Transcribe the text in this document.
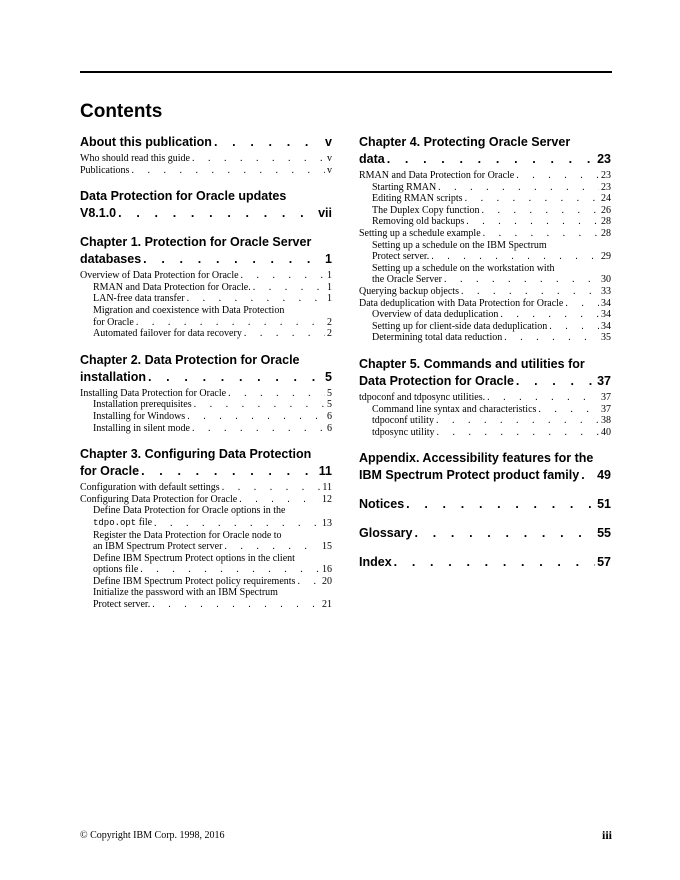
Contents
About this publication . . .	v
Who should read this guide . . .	v
Publications . . .	v
Data Protection for Oracle updates
V8.1.0 . . .	vii
Chapter 1. Protection for Oracle Server
databases . . .	1
Overview of Data Protection for Oracle . . .	1
RMAN and Data Protection for Oracle. . . .	1
LAN-free data transfer . . .	1
Migration and coexistence with Data Protection
for Oracle . . .	2
Automated failover for data recovery . . .	2
Chapter 2. Data Protection for Oracle
installation . . .	5
Installing Data Protection for Oracle . . .	5
Installation prerequisites . . .	5
Installing for Windows . . .	6
Installing in silent mode . . .	6
Chapter 3. Configuring Data Protection
for Oracle . . .	11
Configuration with default settings . . .	11
Configuring Data Protection for Oracle . . .	12
Define Data Protection for Oracle options in the
tdpo.opt file . . .	13
Register the Data Protection for Oracle node to
an IBM Spectrum Protect server . . .	15
Define IBM Spectrum Protect options in the client
options file . . .	16
Define IBM Spectrum Protect policy requirements . . .	20
Initialize the password with an IBM Spectrum
Protect server. . . .	21
Chapter 4. Protecting Oracle Server
data . . .	23
RMAN and Data Protection for Oracle . . .	23
Starting RMAN . . .	23
Editing RMAN scripts . . .	24
The Duplex Copy function . . .	26
Removing old backups . . .	28
Setting up a schedule example . . .	28
Setting up a schedule on the IBM Spectrum
Protect server. . . .	29
Setting up a schedule on the workstation with
the Oracle Server . . .	30
Querying backup objects . . .	33
Data deduplication with Data Protection for Oracle . . .	34
Overview of data deduplication . . .	34
Setting up for client-side data deduplication . . .	34
Determining total data reduction . . .	35
Chapter 5. Commands and utilities for
Data Protection for Oracle . . .	37
tdpoconf and tdposync utilities. . . .	37
Command line syntax and characteristics . . .	37
tdpoconf utility . . .	38
tdposync utility . . .	40
Appendix. Accessibility features for the
IBM Spectrum Protect product family . . . 49
Notices . . .	51
Glossary . . .	55
Index . . .	57
© Copyright IBM Corp. 1998, 2016	iii
